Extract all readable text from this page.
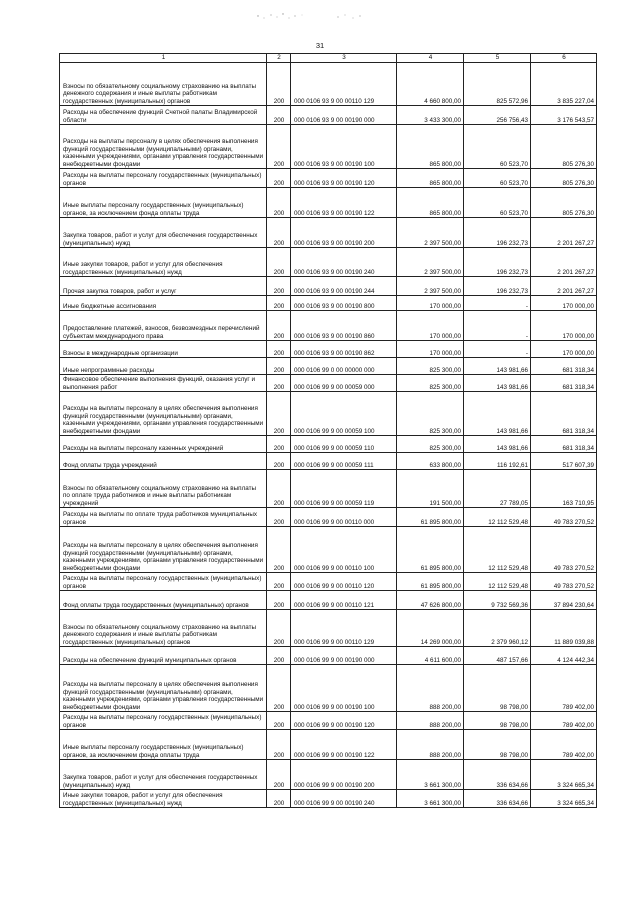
31
1	2	3	4	5	6
Взносы по обязательному социальному страхованию на выплаты денежного содержания и иные выплаты работникам государственных (муниципальных) органов	200	000 0106 93 9 00 00110 129	4 660 800,00	825 572,96	3 835 227,04
Расходы на обеспечение функций Счетной палаты Владимирской области	200	000 0106 93 9 00 00190 000	3 433 300,00	256 756,43	3 176 543,57
Расходы на выплаты персоналу в целях обеспечения выполнения функций государственными (муниципальными) органами, казенными учреждениями, органами управления государственными внебюджетными фондами	200	000 0106 93 9 00 00190 100	865 800,00	60 523,70	805 276,30
Расходы на выплаты персоналу государственных (муниципальных) органов	200	000 0106 93 9 00 00190 120	865 800,00	60 523,70	805 276,30
Иные выплаты персоналу государственных (муниципальных) органов, за исключением фонда оплаты труда	200	000 0106 93 9 00 00190 122	865 800,00	60 523,70	805 276,30
Закупка товаров, работ и услуг для обеспечения государственных (муниципальных) нужд	200	000 0106 93 9 00 00190 200	2 397 500,00	196 232,73	2 201 267,27
Иные закупки товаров, работ и услуг для обеспечения государственных (муниципальных) нужд	200	000 0106 93 9 00 00190 240	2 397 500,00	196 232,73	2 201 267,27
Прочая закупка товаров, работ и услуг	200	000 0106 93 9 00 00190 244	2 397 500,00	196 232,73	2 201 267,27
Иные бюджетные ассигнования	200	000 0106 93 9 00 00190 800	170 000,00	-	170 000,00
Предоставление платежей, взносов, безвозмездных перечислений субъектам международного права	200	000 0106 93 9 00 00190 860	170 000,00	-	170 000,00
Взносы в международные организации	200	000 0106 93 9 00 00190 862	170 000,00	-	170 000,00
Иные непрограммные расходы	200	000 0106 99 0 00 00000 000	825 300,00	143 981,66	681 318,34
Финансовое обеспечение выполнения функций, оказания услуг и выполнения работ	200	000 0106 99 9 00 00059 000	825 300,00	143 981,66	681 318,34
Расходы на выплаты персоналу в целях обеспечения выполнения функций государственными (муниципальными) органами, казенными учреждениями, органами управления государственными внебюджетными фондами	200	000 0106 99 9 00 00059 100	825 300,00	143 981,66	681 318,34
Расходы на выплаты персоналу казенных учреждений	200	000 0106 99 9 00 00059 110	825 300,00	143 981,66	681 318,34
Фонд оплаты труда учреждений	200	000 0106 99 9 00 00059 111	633 800,00	116 192,61	517 607,39
Взносы по обязательному социальному страхованию на выплаты по оплате труда работников и иные выплаты работникам учреждений	200	000 0106 99 9 00 00059 119	191 500,00	27 789,05	163 710,95
Расходы на выплаты по оплате труда работников муниципальных органов	200	000 0106 99 9 00 00110 000	61 895 800,00	12 112 529,48	49 783 270,52
Расходы на выплаты персоналу в целях обеспечения выполнения функций государственными (муниципальными) органами, казенными учреждениями, органами управления государственными внебюджетными фондами	200	000 0106 99 9 00 00110 100	61 895 800,00	12 112 529,48	49 783 270,52
Расходы на выплаты персоналу государственных (муниципальных) органов	200	000 0106 99 9 00 00110 120	61 895 800,00	12 112 529,48	49 783 270,52
Фонд оплаты труда государственных (муниципальных) органов	200	000 0106 99 9 00 00110 121	47 626 800,00	9 732 569,36	37 894 230,64
Взносы по обязательному социальному страхованию на выплаты денежного содержания и иные выплаты работникам государственных (муниципальных) органов	200	000 0106 99 9 00 00110 129	14 269 000,00	2 379 960,12	11 889 039,88
Расходы на обеспечение функций муниципальных органов	200	000 0106 99 9 00 00190 000	4 611 600,00	487 157,66	4 124 442,34
Расходы на выплаты персоналу в целях обеспечения выполнения функций государственными (муниципальными) органами, казенными учреждениями, органами управления государственными внебюджетными фондами	200	000 0106 99 9 00 00190 100	888 200,00	98 798,00	789 402,00
Расходы на выплаты персоналу государственных (муниципальных) органов	200	000 0106 99 9 00 00190 120	888 200,00	98 798,00	789 402,00
Иные выплаты персоналу государственных (муниципальных) органов, за исключением фонда оплаты труда	200	000 0106 99 9 00 00190 122	888 200,00	98 798,00	789 402,00
Закупка товаров, работ и услуг для обеспечения государственных (муниципальных) нужд	200	000 0106 99 9 00 00190 200	3 661 300,00	336 634,66	3 324 665,34
Иные закупки товаров, работ и услуг для обеспечения государственных (муниципальных) нужд	200	000 0106 99 9 00 00190 240	3 661 300,00	336 634,66	3 324 665,34
